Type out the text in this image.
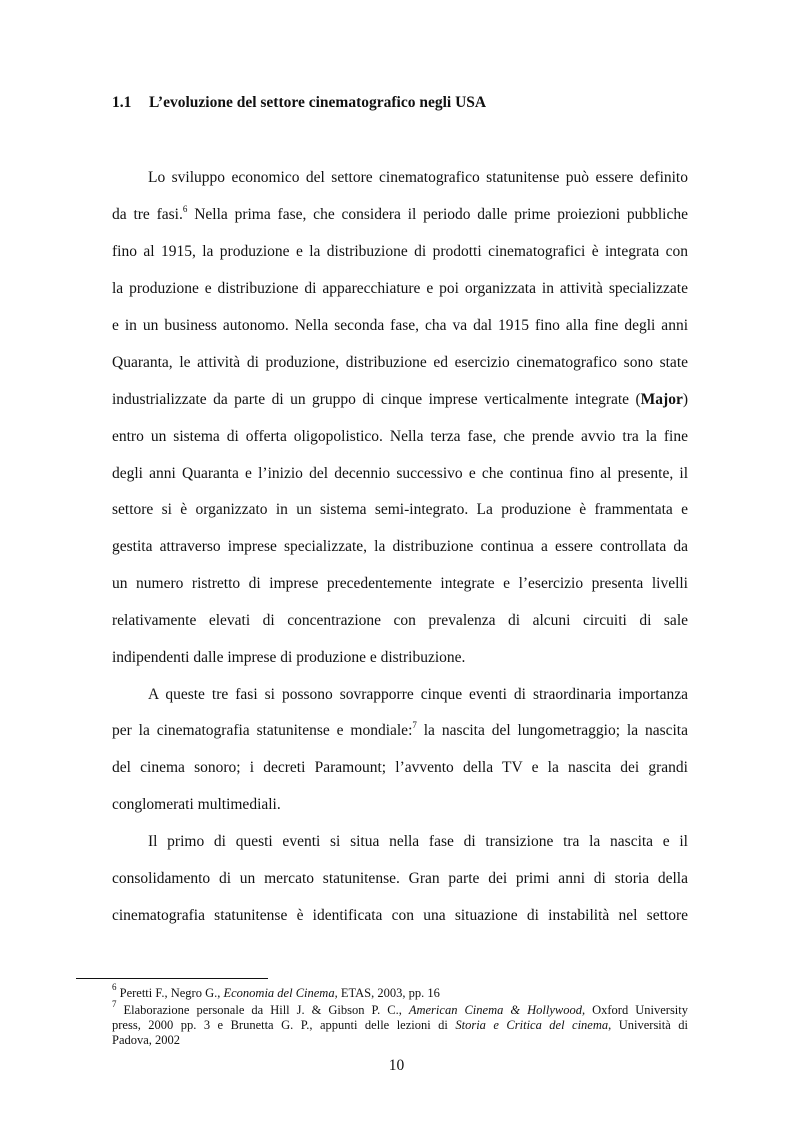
1.1 L’evoluzione del settore cinematografico negli USA
Lo sviluppo economico del settore cinematografico statunitense può essere definito
da tre fasi.$^6$ Nella prima fase, che considera il periodo dalle prime proiezioni pubbliche
fino al 1915, la produzione e la distribuzione di prodotti cinematografici è integrata con
la produzione e distribuzione di apparecchiature e poi organizzata in attività specializzate
e in un business autonomo. Nella seconda fase, cha va dal 1915 fino alla fine degli anni
Quaranta, le attività di produzione, distribuzione ed esercizio cinematografico sono state
industrializzate da parte di un gruppo di cinque imprese verticalmente integrate (Major)
entro un sistema di offerta oligopolistico. Nella terza fase, che prende avvio tra la fine
degli anni Quaranta e l’inizio del decennio successivo e che continua fino al presente, il
settore si è organizzato in un sistema semi-integrato. La produzione è frammentata e
gestita attraverso imprese specializzate, la distribuzione continua a essere controllata da
un numero ristretto di imprese precedentemente integrate e l’esercizio presenta livelli
relativamente elevati di concentrazione con prevalenza di alcuni circuiti di sale
indipendenti dalle imprese di produzione e distribuzione.
A queste tre fasi si possono sovrapporre cinque eventi di straordinaria importanza
per la cinematografia statunitense e mondiale:$^7$ la nascita del lungometraggio; la nascita
del cinema sonoro; i decreti Paramount; l’avvento della TV e la nascita dei grandi
conglomerati multimediali.
Il primo di questi eventi si situa nella fase di transizione tra la nascita e il
consolidamento di un mercato statunitense. Gran parte dei primi anni di storia della
cinematografia statunitense è identificata con una situazione di instabilità nel settore
$^6$ Peretti F., Negro G., Economia del Cinema, ETAS, 2003, pp. 16
$^7$ Elaborazione personale da Hill J. & Gibson P. C., American Cinema & Hollywood, Oxford University
press, 2000 pp. 3 e Brunetta G. P., appunti delle lezioni di Storia e Critica del cinema, Università di
Padova, 2002
10
